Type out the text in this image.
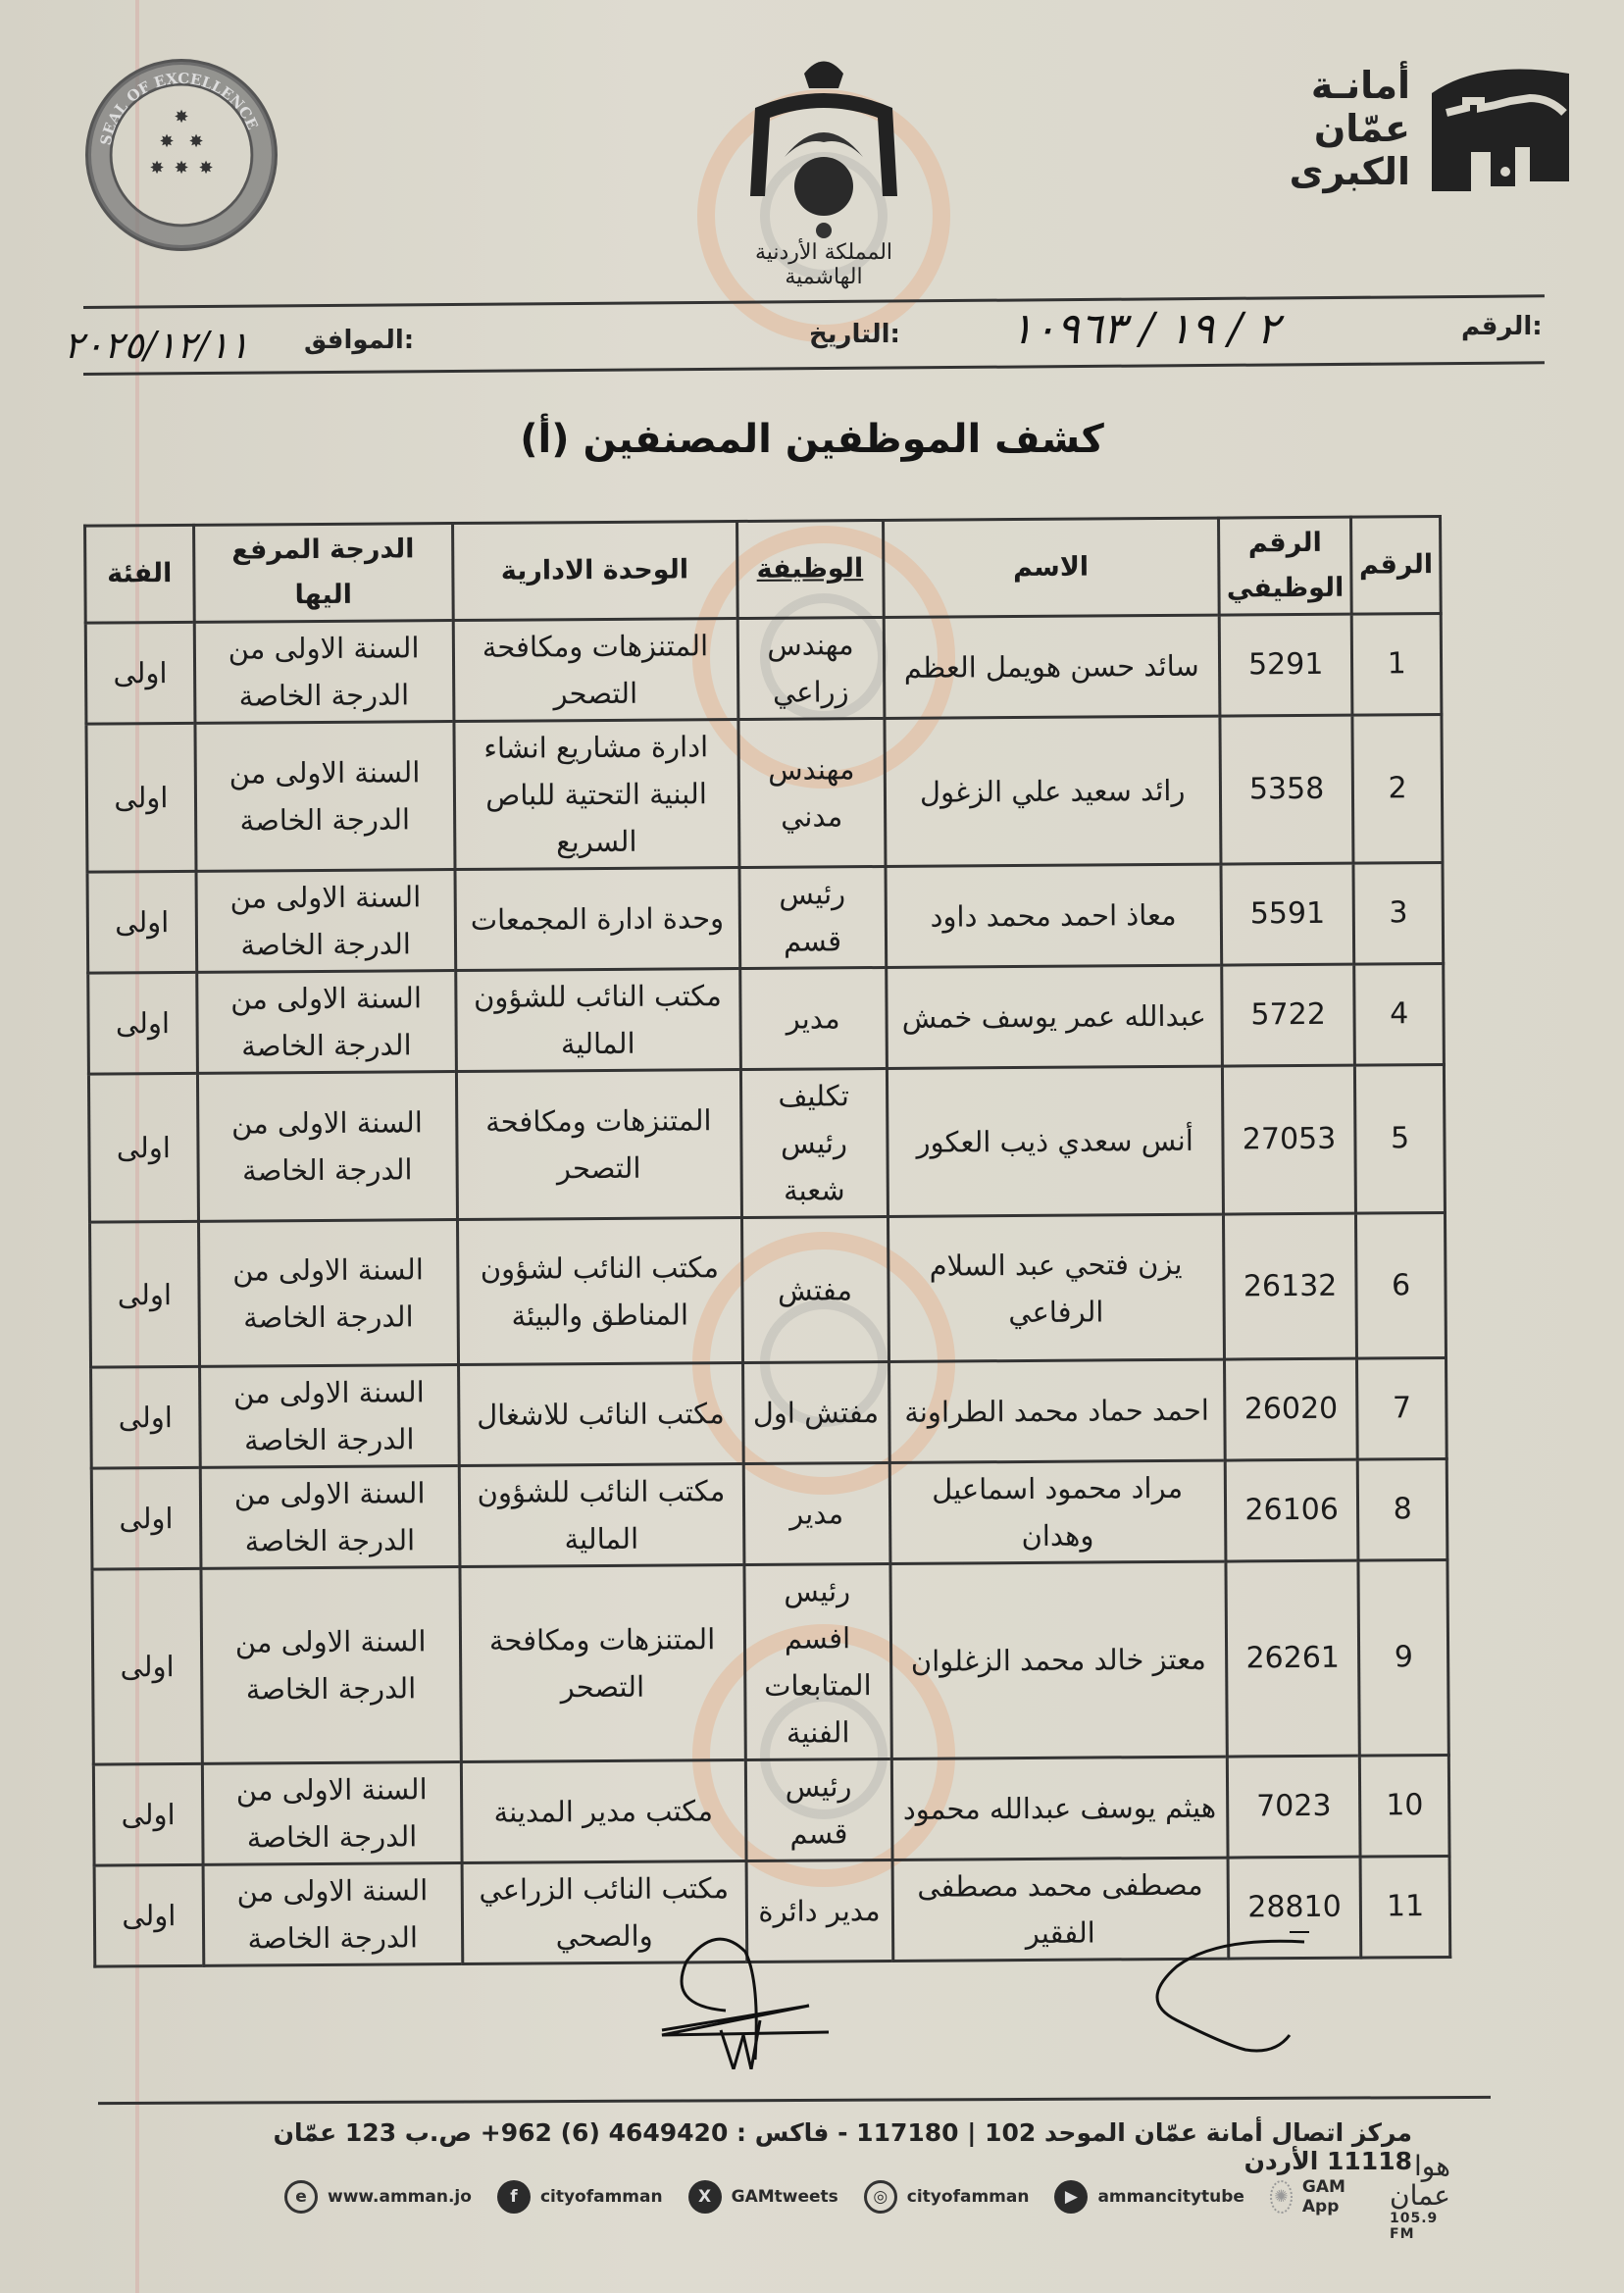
أمانـة
عمّان
الكبرى
المملكة الأردنية الهاشمية
SEAL OF EXCELLENCE
✸
✸ ✸
✸ ✸ ✸
الرقم:
٢ / ١٩ / ١٠٩٦٣
التاريخ:
الموافق:
٢٠٢٥/١٢/١١
كشف الموظفين المصنفين (أ)
الرقم	الرقم الوظيفي	الاسم	الوظيفة	الوحدة الادارية	الدرجة المرفع اليها	الفئة
1	5291	سائد حسن هويمل العظم	مهندس زراعي	المتنزهات ومكافحة التصحر	السنة الاولى من الدرجة الخاصة	اولى
2	5358	رائد سعيد علي الزغول	مهندس مدني	ادارة مشاريع انشاء البنية التحتية للباص السريع	السنة الاولى من الدرجة الخاصة	اولى
3	5591	معاذ احمد محمد داود	رئيس قسم	وحدة ادارة المجمعات	السنة الاولى من الدرجة الخاصة	اولى
4	5722	عبدالله عمر يوسف خمش	مدير	مكتب النائب للشؤون المالية	السنة الاولى من الدرجة الخاصة	اولى
5	27053	أنس سعدي ذيب العكور	تكليف رئيس شعبة	المتنزهات ومكافحة التصحر	السنة الاولى من الدرجة الخاصة	اولى
6	26132	يزن فتحي عبد السلام الرفاعي	مفتش	مكتب النائب لشؤون المناطق والبيئة	السنة الاولى من الدرجة الخاصة	اولى
7	26020	احمد حماد محمد الطراونة	مفتش اول	مكتب النائب للاشغال	السنة الاولى من الدرجة الخاصة	اولى
8	26106	مراد محمود اسماعيل وهدان	مدير	مكتب النائب للشؤون المالية	السنة الاولى من الدرجة الخاصة	اولى
9	26261	معتز خالد محمد الزغلوان	رئيس افسم المتابعات الفنية	المتنزهات ومكافحة التصحر	السنة الاولى من الدرجة الخاصة	اولى
10	7023	هيثم يوسف عبدالله محمود	رئيس قسم	مكتب مدير المدينة	السنة الاولى من الدرجة الخاصة	اولى
11	28810	مصطفى محمد مصطفى الفقير	مدير دائرة	مكتب النائب الزراعي والصحي	السنة الاولى من الدرجة الخاصة	اولى
مركز اتصال أمانة عمّان الموحد 102 | 117180 - فاكس : 4649420 (6) 962+ ص.ب 123 عمّان 11118 الأردن
e	www.amman.jo	f	cityofamman	X	GAMtweets	◎	cityofamman	▶	ammancitytube ✺ GAM App
هوا عمان
105.9 FM
